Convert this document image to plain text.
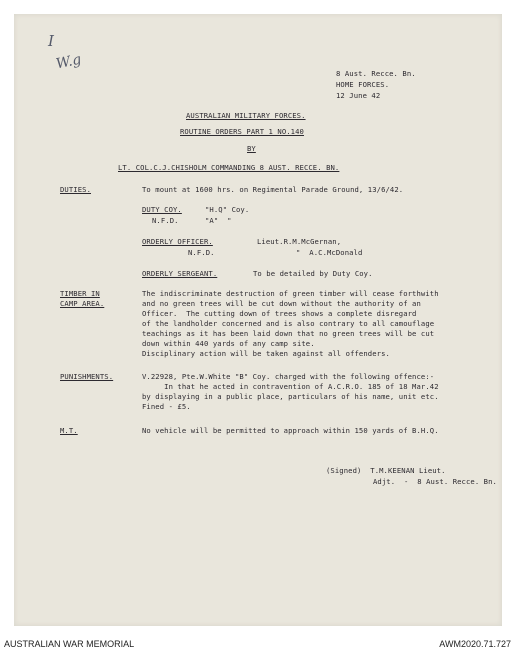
I
W.g
8 Aust. Recce. Bn.
HOME FORCES.
12 June 42
AUSTRALIAN MILITARY FORCES.
ROUTINE ORDERS PART 1 NO.140
BY
LT. COL.C.J.CHISHOLM COMMANDING 8 AUST. RECCE. BN.
DUTIES.	To mount at 1600 hrs. on Regimental Parade Ground, 13/6/42.
DUTY COY.	"H.Q" Coy.
N.F.D.	"A"  "
ORDERLY OFFICER.	Lieut.R.M.McGernan,
N.F.D.	"  A.C.McDonald
ORDERLY SERGEANT.	To be detailed by Duty Coy.
TIMBER IN
CAMP AREA.
The indiscriminate destruction of green timber will cease forthwith
and no green trees will be cut down without the authority of an
Officer.  The cutting down of trees shows a complete disregard
of the landholder concerned and is also contrary to all camouflage
teachings as it has been laid down that no green trees will be cut
down within 440 yards of any camp site.
Disciplinary action will be taken against all offenders.
PUNISHMENTS.	V.22928, Pte.W.White "B" Coy. charged with the following offence:-
In that he acted in contravention of A.C.R.O. 185 of 18 Mar.42
by displaying in a public place, particulars of his name, unit etc.
Fined - £5.
M.T.	No vehicle will be permitted to approach within 150 yards of B.H.Q.
(Signed)  T.M.KEENAN Lieut.
Adjt.  -  8 Aust. Recce. Bn.
AUSTRALIAN WAR MEMORIAL	AWM2020.71.727
